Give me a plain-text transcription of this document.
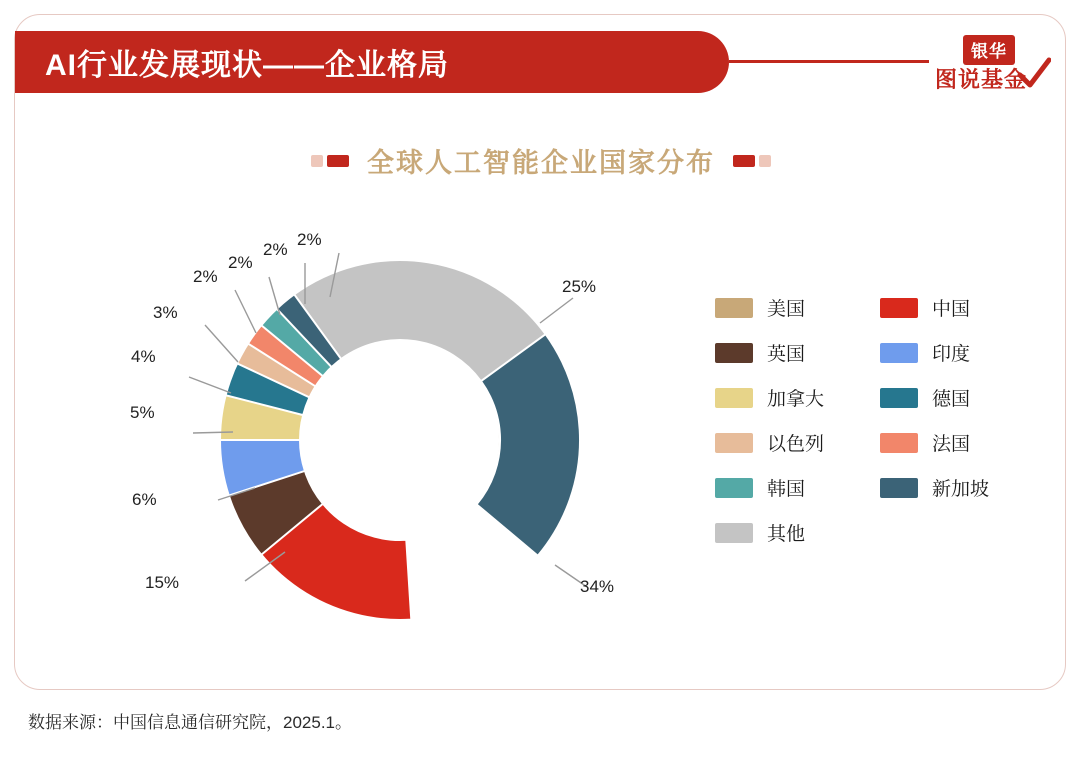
AI行业发展现状——企业格局	银华
图说基金
全球人工智能企业国家分布
25%
34%
15%
6%
5%
4%
3%
2%
2%
2%
2%
美国	中国
英国	印度
加拿大	德国
以色列	法国
韩国	新加坡
其他
数据来源：中国信息通信研究院，2025.1。
